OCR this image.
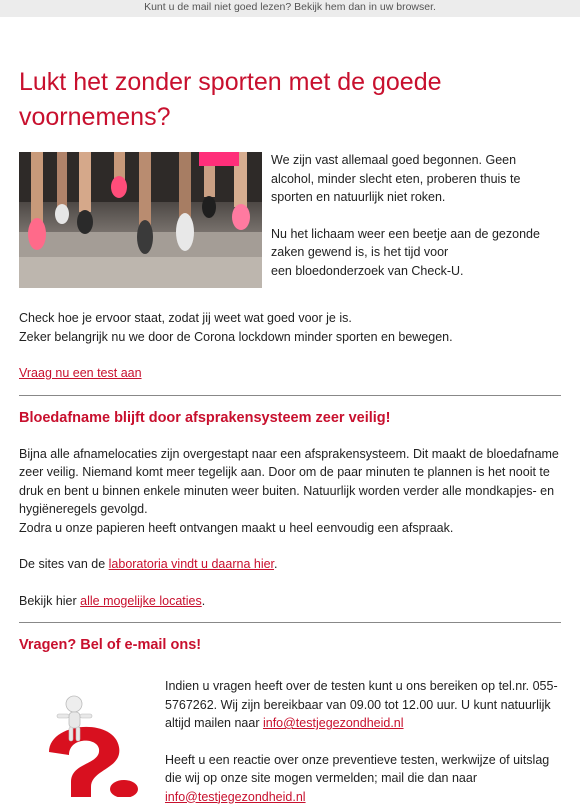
Kunt u de mail niet goed lezen? Bekijk hem dan in uw browser.
Lukt het zonder sporten met de goede voornemens?

We zijn vast allemaal goed begonnen. Geen alcohol, minder slecht eten, proberen thuis te sporten en natuurlijk niet roken.

Nu het lichaam weer een beetje aan de gezonde zaken gewend is, is het tijd voor

een bloedonderzoek van Check-U.

Check hoe je ervoor staat, zodat jij weet wat goed voor je is.

Zeker belangrijk nu we door de Corona lockdown minder sporten en bewegen.

Vraag nu een test aan

Bloedafname blijft door afsprakensysteem zeer veilig!

Bijna alle afnamelocaties zijn overgestapt naar een afsprakensysteem. Dit maakt de bloedafname zeer veilig. Niemand komt meer tegelijk aan. Door om de paar minuten te plannen is het nooit te druk en bent u binnen enkele minuten weer buiten. Natuurlijk worden verder alle mondkapjes- en hygiëneregels gevolgd.

Zodra u onze papieren heeft ontvangen maakt u heel eenvoudig een afspraak.

De sites van de laboratoria vindt u daarna hier.

Bekijk hier alle mogelijke locaties.

Vragen? Bel of e-mail ons!

Indien u vragen heeft over de testen kunt u ons bereiken op tel.nr. 055-5767262. Wij zijn bereikbaar van 09.00 tot 12.00 uur. U kunt natuurlijk altijd mailen naar info@testjegezondheid.nl

Heeft u een reactie over onze preventieve testen, werkwijze of uitslag die wij op onze site mogen vermelden; mail die dan naar info@testjegezondheid.nl
